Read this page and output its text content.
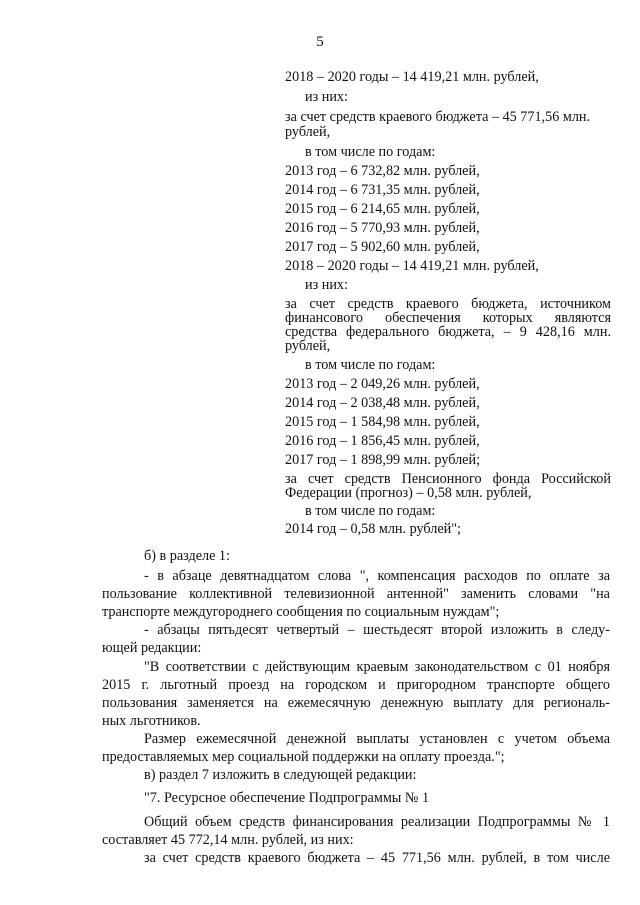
5
2018 – 2020 годы – 14 419,21 млн. рублей,
из них:
за счет средств краевого бюджета – 45 771,56 млн.
рублей,
в том числе по годам:
2013 год – 6 732,82 млн. рублей,
2014 год – 6 731,35 млн. рублей,
2015 год – 6 214,65 млн. рублей,
2016 год – 5 770,93 млн. рублей,
2017 год – 5 902,60 млн. рублей,
2018 – 2020 годы – 14 419,21 млн. рублей,
из них:
за счет средств краевого бюджета, источником
финансового обеспечения которых являются
средства федерального бюджета, – 9 428,16 млн.
рублей,
в том числе по годам:
2013 год – 2 049,26 млн. рублей,
2014 год – 2 038,48 млн. рублей,
2015 год – 1 584,98 млн. рублей,
2016 год – 1 856,45 млн. рублей,
2017 год – 1 898,99 млн. рублей;
за счет средств Пенсионного фонда Российской
Федерации (прогноз) – 0,58 млн. рублей,
в том числе по годам:
2014 год – 0,58 млн. рублей";
б) в разделе 1:
- в абзаце девятнадцатом слова ", компенсация расходов по оплате за
пользование коллективной телевизионной антенной" заменить словами "на
транспорте междугороднего сообщения по социальным нуждам";
- абзацы пятьдесят четвертый – шестьдесят второй изложить в следу-
ющей редакции:
"В соответствии с действующим краевым законодательством с 01 ноября
2015 г. льготный проезд на городском и пригородном транспорте общего
пользования заменяется на ежемесячную денежную выплату для региональ-
ных льготников.
Размер ежемесячной денежной выплаты установлен с учетом объема
предоставляемых мер социальной поддержки на оплату проезда.";
в) раздел 7 изложить в следующей редакции:
"7. Ресурсное обеспечение Подпрограммы № 1
Общий объем средств финансирования реализации Подпрограммы № 1
составляет 45 772,14 млн. рублей, из них:
за счет средств краевого бюджета – 45 771,56 млн. рублей, в том числе
